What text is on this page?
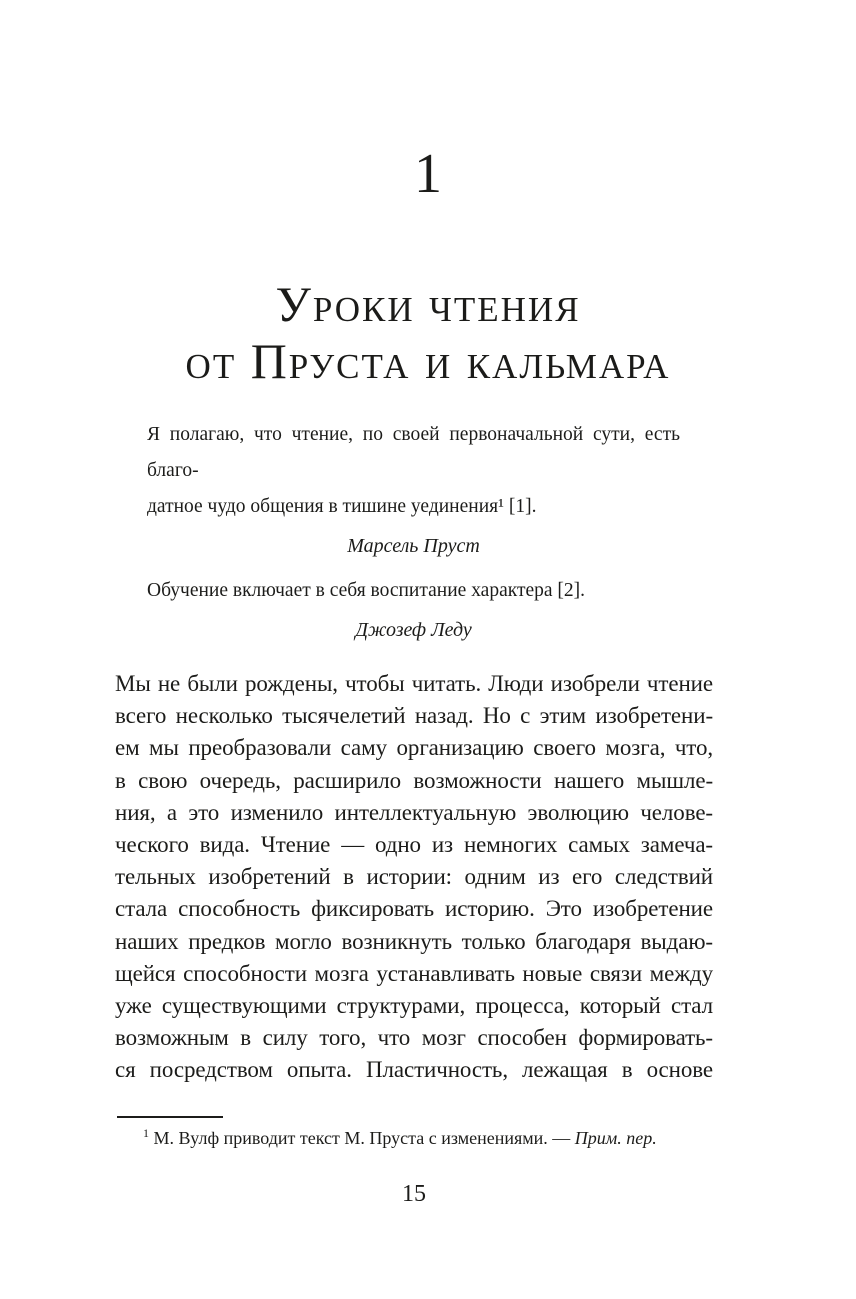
1
Уроки чтения
от Пруста и кальмара
Я полагаю, что чтение, по своей первоначальной сути, есть благо-
датное чудо общения в тишине уединения¹ [1].
Марсель Пруст
Обучение включает в себя воспитание характера [2].
Джозеф Леду
Мы не были рождены, чтобы читать. Люди изобрели чтение
всего несколько тысячелетий назад. Но с этим изобретени-
ем мы преобразовали саму организацию своего мозга, что,
в свою очередь, расширило возможности нашего мышле-
ния, а это изменило интеллектуальную эволюцию челове-
ческого вида. Чтение — одно из немногих самых замеча-
тельных изобретений в истории: одним из его следствий
стала способность фиксировать историю. Это изобретение
наших предков могло возникнуть только благодаря выдаю-
щейся способности мозга устанавливать новые связи между
уже существующими структурами, процесса, который стал
возможным в силу того, что мозг способен формировать-
ся посредством опыта. Пластичность, лежащая в основе
$^1$ М. Вулф приводит текст М. Пруста с изменениями. — Прим. пер.
15
